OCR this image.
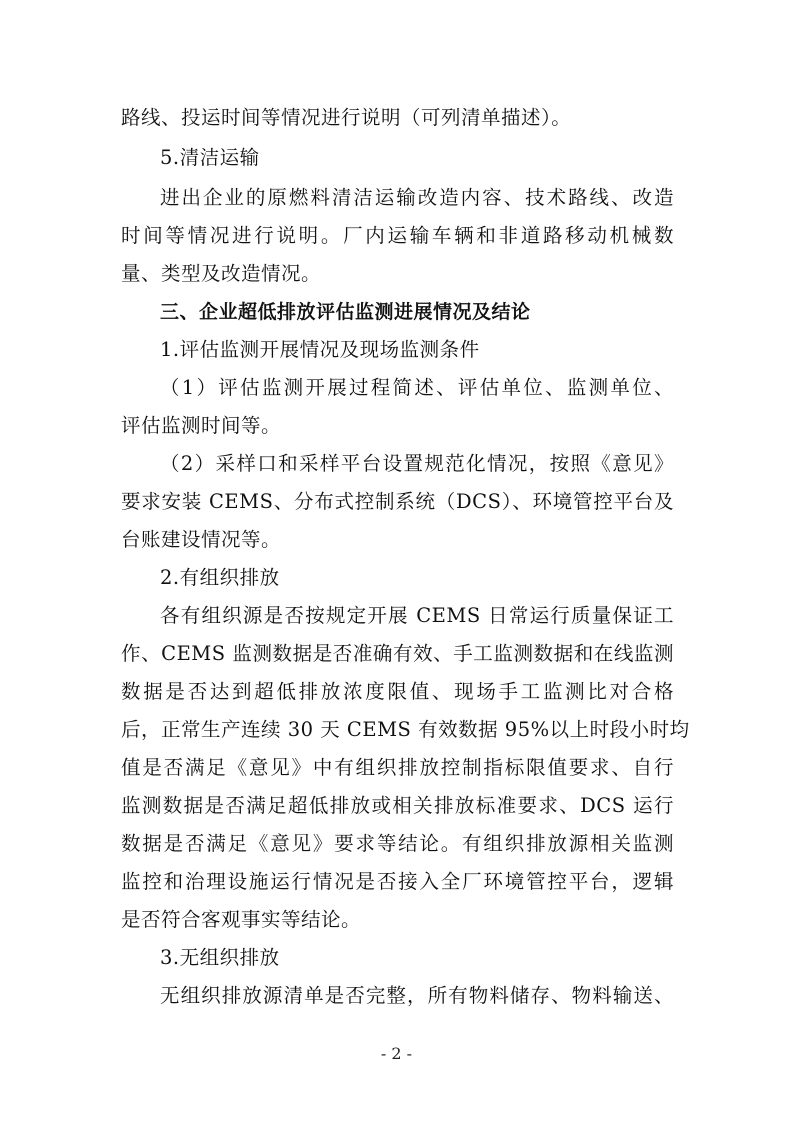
路线、投运时间等情况进行说明（可列清单描述）。
5.清洁运输
进出企业的原燃料清洁运输改造内容、技术路线、改造
时间等情况进行说明。厂内运输车辆和非道路移动机械数
量、类型及改造情况。
三、企业超低排放评估监测进展情况及结论
1.评估监测开展情况及现场监测条件
（1）评估监测开展过程简述、评估单位、监测单位、
评估监测时间等。
（2）采样口和采样平台设置规范化情况，按照《意见》
要求安装 CEMS、分布式控制系统（DCS）、环境管控平台及
台账建设情况等。
2.有组织排放
各有组织源是否按规定开展 CEMS 日常运行质量保证工
作、CEMS 监测数据是否准确有效、手工监测数据和在线监测
数据是否达到超低排放浓度限值、现场手工监测比对合格
后，正常生产连续 30 天 CEMS 有效数据 95%以上时段小时均
值是否满足《意见》中有组织排放控制指标限值要求、自行
监测数据是否满足超低排放或相关排放标准要求、DCS 运行
数据是否满足《意见》要求等结论。有组织排放源相关监测
监控和治理设施运行情况是否接入全厂环境管控平台，逻辑
是否符合客观事实等结论。
3.无组织排放
无组织排放源清单是否完整，所有物料储存、物料输送、
- 2 -
